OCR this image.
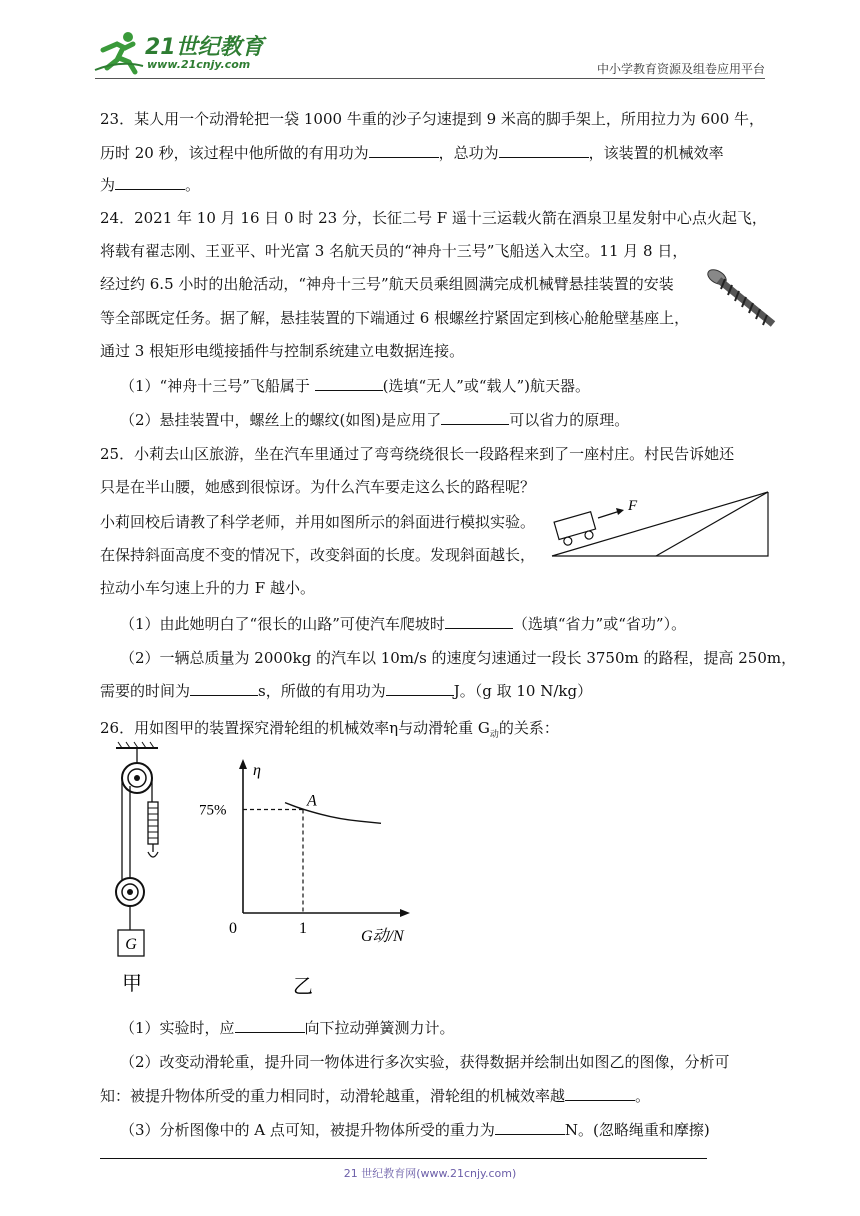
21世纪教育
www.21cnjy.com	中小学教育资源及组卷应用平台
23．某人用一个动滑轮把一袋 1000 牛重的沙子匀速提到 9 米高的脚手架上，所用拉力为 600 牛，
历时 20 秒，该过程中他所做的有用功为	，总功为	，该装置的机械效率
为	。
24．2021 年 10 月 16 日 0 时 23 分，长征二号 F 遥十三运载火箭在酒泉卫星发射中心点火起飞，
将载有翟志刚、王亚平、叶光富 3 名航天员的“神舟十三号”飞船送入太空。11 月 8 日，
经过约 6.5 小时的出舱活动，“神舟十三号”航天员乘组圆满完成机械臂悬挂装置的安装
等全部既定任务。据了解，悬挂装置的下端通过 6 根螺丝拧紧固定到核心舱舱壁基座上，
通过 3 根矩形电缆接插件与控制系统建立电数据连接。
（1）“神舟十三号”飞船属于	(选填“无人”或“载人”)航天器。
（2）悬挂装置中，螺丝上的螺纹(如图)是应用了	可以省力的原理。
25．小莉去山区旅游，坐在汽车里通过了弯弯绕绕很长一段路程来到了一座村庄。村民告诉她还
只是在半山腰，她感到很惊讶。为什么汽车要走这么长的路程呢？
小莉回校后请教了科学老师，并用如图所示的斜面进行模拟实验。
在保持斜面高度不变的情况下，改变斜面的长度。发现斜面越长，
拉动小车匀速上升的力 F 越小。
F
（1）由此她明白了“很长的山路”可使汽车爬坡时	（选填“省力”或“省功”）。
（2）一辆总质量为 2000kg 的汽车以 10m/s 的速度匀速通过一段长 3750m 的路程，提高 250m，
需要的时间为	s，所做的有用功为	J。（g 取 10 N/kg）
26．用如图甲的装置探究滑轮组的机械效率η与动滑轮重 $G_动$的关系：
G
甲
η
G动/N
0	1
75%
A
乙
（1）实验时，应	向下拉动弹簧测力计。
（2）改变动滑轮重，提升同一物体进行多次实验，获得数据并绘制出如图乙的图像，分析可
知：被提升物体所受的重力相同时，动滑轮越重，滑轮组的机械效率越	。
（3）分析图像中的 A 点可知，被提升物体所受的重力为	N。(忽略绳重和摩擦)
21 世纪教育网(www.21cnjy.com)
